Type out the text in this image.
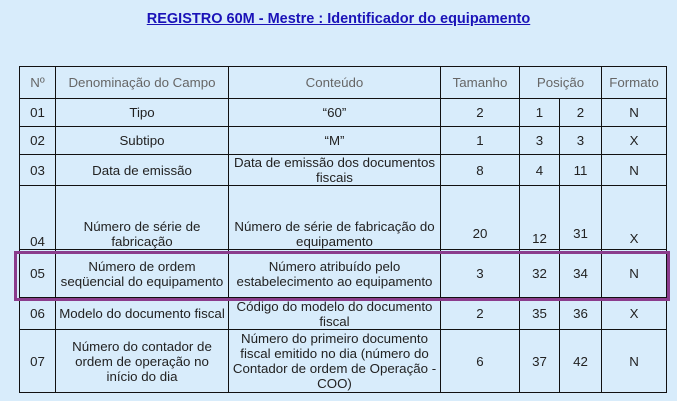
REGISTRO 60M - Mestre : Identificador do equipamento
Nº	Denominação do Campo	Conteúdo	Tamanho	Posição		Formato
01	Tipo	“60”	2	1	2	N
02	Subtipo	“M”	1	3	3	X
03	Data de emissão	Data de emissão dos documentos fiscais	8	4	11	N
04	Número de série de fabricação	Número de série de fabricação do equipamento	20	12	31	X
05	Número de ordem seqüencial do equipamento	Número atribuído pelo estabelecimento ao equipamento	3	32	34	N
06	Modelo do documento fiscal	Código do modelo do documento fiscal	2	35	36	X
07	Número do contador de ordem de operação no início do dia	Número do primeiro documento fiscal emitido no dia (número do Contador de ordem de Operação - COO)	6	37	42	N
